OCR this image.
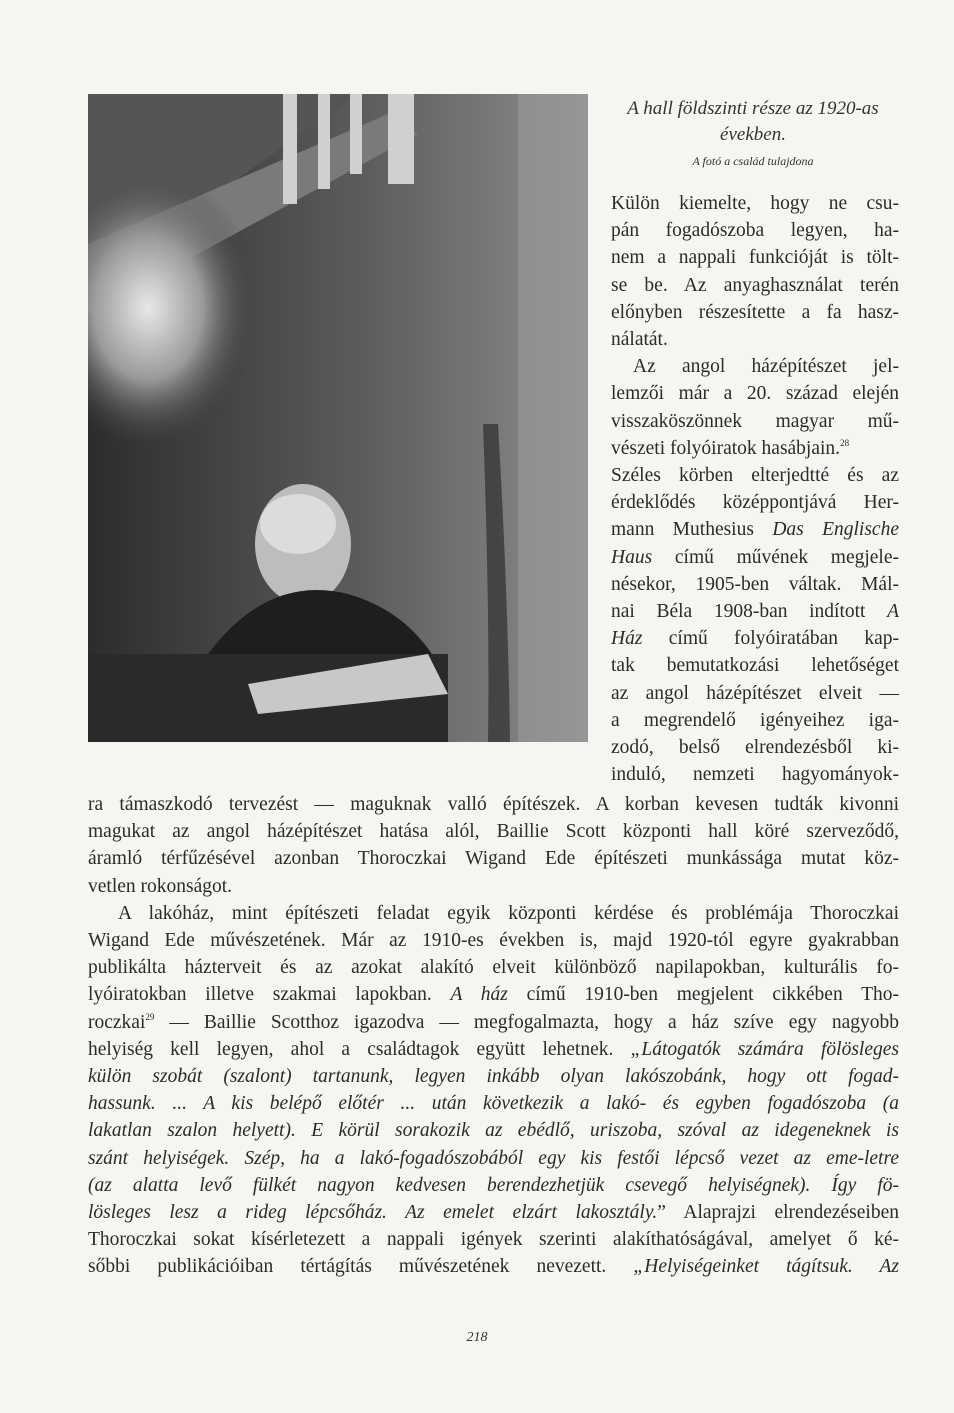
A hall földszinti része az 1920-as
években.
A fotó a család tulajdona
Külön kiemelte, hogy ne csu-
pán fogadószoba legyen, ha-
nem a nappali funkcióját is tölt-
se be. Az anyaghasználat terén
előnyben részesítette a fa hasz-
nálatát.
Az angol házépítészet jel-
lemzői már a 20. század elején
visszaköszönnek magyar mű-
vészeti folyóiratok hasábjain.$^{28}$
Széles körben elterjedtté és az
érdeklődés középpontjává Her-
mann Muthesius Das Englische
Haus című művének megjele-
nésekor, 1905-ben váltak. Mál-
nai Béla 1908-ban indított A
Ház című folyóiratában kap-
tak bemutatkozási lehetőséget
az angol házépítészet elveit —
a megrendelő igényeihez iga-
zodó, belső elrendezésből ki-
induló, nemzeti hagyományok-
ra támaszkodó tervezést — maguknak valló építészek. A korban kevesen tudták kivonni
magukat az angol házépítészet hatása alól, Baillie Scott központi hall köré szerveződő,
áramló térfűzésével azonban Thoroczkai Wigand Ede építészeti munkássága mutat köz-
vetlen rokonságot.
A lakóház, mint építészeti feladat egyik központi kérdése és problémája Thoroczkai
Wigand Ede művészetének. Már az 1910-es években is, majd 1920-tól egyre gyakrabban
publikálta házterveit és az azokat alakító elveit különböző napilapokban, kulturális fo-
lyóiratokban illetve szakmai lapokban. A ház című 1910-ben megjelent cikkében Tho-
roczkai$^{29}$ — Baillie Scotthoz igazodva — megfogalmazta, hogy a ház szíve egy nagyobb
helyiség kell legyen, ahol a családtagok együtt lehetnek. „Látogatók számára fölösleges
külön szobát (szalont) tartanunk, legyen inkább olyan lakószobánk, hogy ott fogad-
hassunk. ... A kis belépő előtér ... után következik a lakó- és egyben fogadószoba (a
lakatlan szalon helyett). E körül sorakozik az ebédlő, uriszoba, szóval az idegeneknek is
szánt helyiségek. Szép, ha a lakó-fogadószobából egy kis festői lépcső vezet az eme-letre
(az alatta levő fülkét nagyon kedvesen berendezhetjük csevegő helyiségnek). Így fö-
lösleges lesz a rideg lépcsőház. Az emelet elzárt lakosztály.” Alaprajzi elrendezéseiben
Thoroczkai sokat kísérletezett a nappali igények szerinti alakíthatóságával, amelyet ő ké-
sőbbi publikációiban tértágítás művészetének nevezett. „Helyiségeinket tágítsuk. Az
218
